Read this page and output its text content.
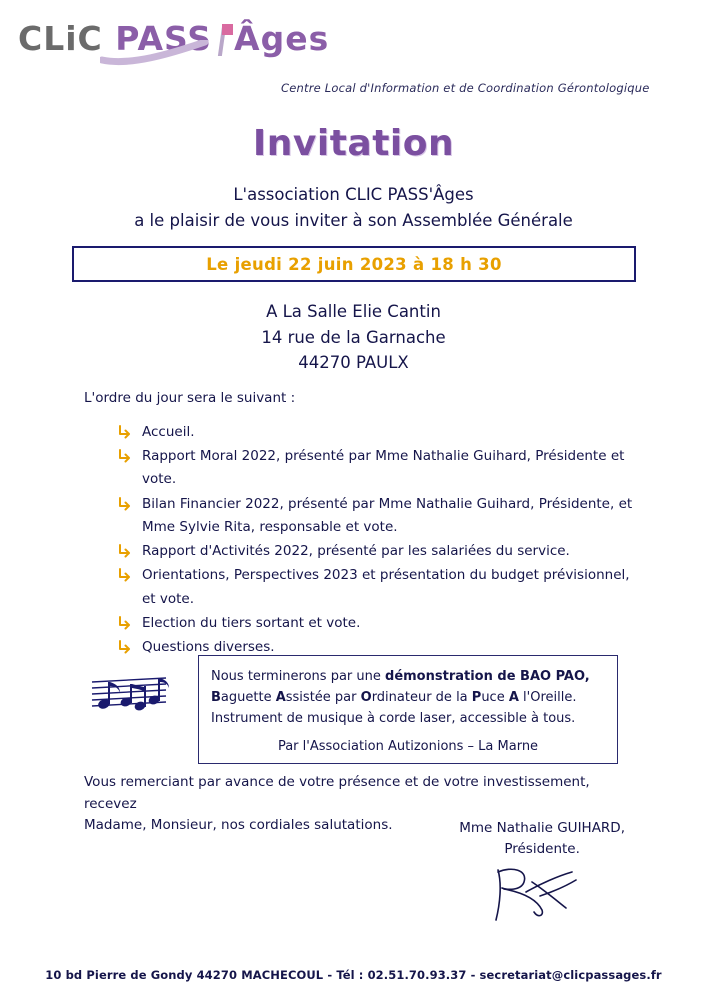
CLiC PASS Âges
Centre Local d'Information et de Coordination Gérontologique
Invitation
L'association CLIC PASS'Âges
a le plaisir de vous inviter à son Assemblée Générale
Le jeudi 22 juin 2023 à 18 h 30
A La Salle Elie Cantin
14 rue de la Garnache
44270 PAULX
L'ordre du jour sera le suivant :
Accueil.
Rapport Moral 2022, présenté par Mme Nathalie Guihard, Présidente et vote.
Bilan Financier 2022, présenté par Mme Nathalie Guihard, Présidente, et Mme Sylvie Rita, responsable et vote.
Rapport d'Activités 2022, présenté par les salariées du service.
Orientations, Perspectives 2023 et présentation du budget prévisionnel, et vote.
Election du tiers sortant et vote.
Questions diverses.
Nous terminerons par une démonstration de BAO PAO,
Baguette Assistée par Ordinateur de la Puce A l'Oreille.
Instrument de musique à corde laser, accessible à tous.
Par l'Association Autizonions – La Marne
Vous remerciant par avance de votre présence et de votre investissement, recevez
Madame, Monsieur, nos cordiales salutations.	Mme Nathalie GUIHARD,
Présidente.
10 bd Pierre de Gondy 44270 MACHECOUL - Tél : 02.51.70.93.37 - secretariat@clicpassages.fr
